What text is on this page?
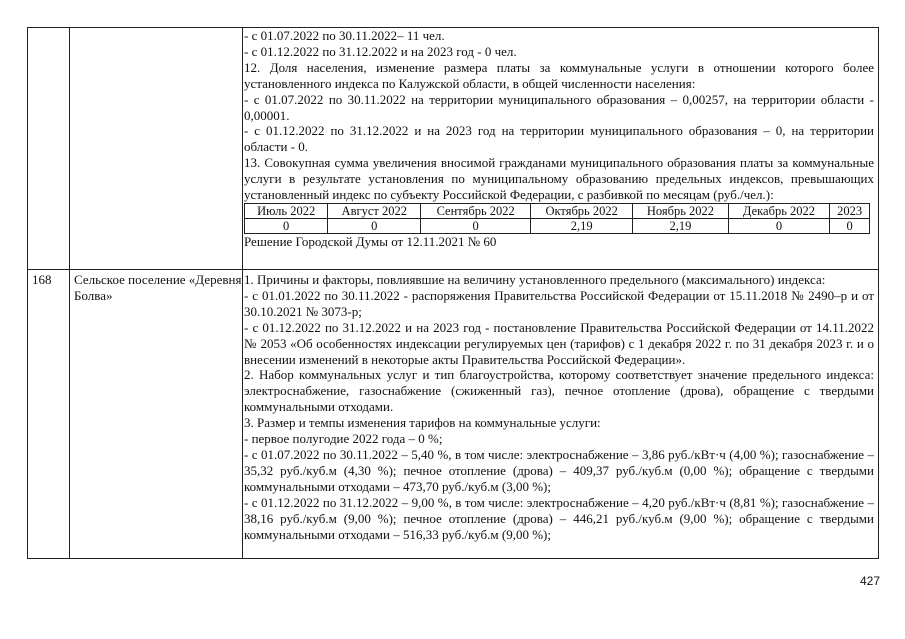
- с 01.07.2022 по 30.11.2022– 11 чел.

- с 01.12.2022 по 31.12.2022 и на 2023 год - 0 чел.

12. Доля населения, изменение размера платы за коммунальные услуги в отношении которого более установленного индекса по Калужской области, в общей численности населения:

- с 01.07.2022 по 30.11.2022 на территории муниципального образования – 0,00257, на территории области - 0,00001.

- с 01.12.2022 по 31.12.2022 и на 2023 год на территории муниципального образования – 0, на территории области - 0.

13. Совокупная сумма увеличения вносимой гражданами муниципального образования платы за коммунальные услуги в результате установления по муниципальному образованию предельных индексов, превышающих установленный индекс по субъекту Российской Федерации, с разбивкой по месяцам (руб./чел.):

Июль 2022	Август 2022	Сентябрь 2022	Октябрь 2022	Ноябрь 2022	Декабрь 2022	2023
0	0	0	2,19	2,19	0	0

Решение Городской Думы от 12.11.2021 № 60

168 Сельское поселение «Деревня Болва»

1. Причины и факторы, повлиявшие на величину установленного предельного (максимального) индекса:

- с 01.01.2022 по 30.11.2022 - распоряжения Правительства Российской Федерации от 15.11.2018 № 2490–р и от 30.10.2021 № 3073-р;

- с 01.12.2022 по 31.12.2022 и на 2023 год - постановление Правительства Российской Федерации от 14.11.2022 № 2053 «Об особенностях индексации регулируемых цен (тарифов) с 1 декабря 2022 г. по 31 декабря 2023 г. и о внесении изменений в некоторые акты Правительства Российской Федерации».

2. Набор коммунальных услуг и тип благоустройства, которому соответствует значение предельного индекса: электроснабжение, газоснабжение (сжиженный газ), печное отопление (дрова), обращение с твердыми коммунальными отходами.

3. Размер и темпы изменения тарифов на коммунальные услуги:

- первое полугодие 2022 года – 0 %;

- с 01.07.2022 по 30.11.2022 – 5,40 %, в том числе: электроснабжение – 3,86 руб./кВт·ч (4,00 %); газоснабжение – 35,32 руб./куб.м (4,30 %); печное отопление (дрова) – 409,37 руб./куб.м (0,00 %); обращение с твердыми коммунальными отходами – 473,70 руб./куб.м (3,00 %);

- с 01.12.2022 по 31.12.2022 – 9,00 %, в том числе: электроснабжение – 4,20 руб./кВт·ч (8,81 %); газоснабжение – 38,16 руб./куб.м (9,00 %); печное отопление (дрова) – 446,21 руб./куб.м (9,00 %); обращение с твердыми коммунальными отходами – 516,33 руб./куб.м (9,00 %);

427
